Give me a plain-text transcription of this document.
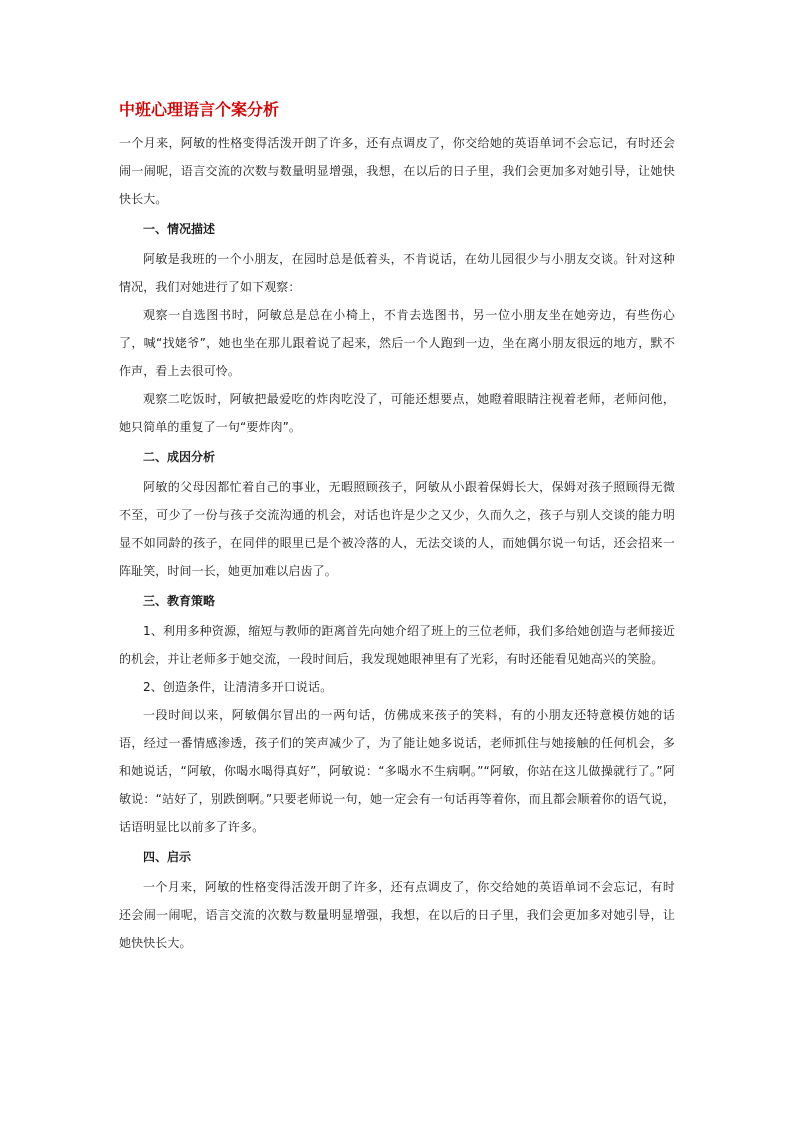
中班心理语言个案分析

一个月来，阿敏的性格变得活泼开朗了许多，还有点调皮了，你交给她的英语单词不会忘记，有时还会闹一闹呢，语言交流的次数与数量明显增强，我想，在以后的日子里，我们会更加多对她引导，让她快快长大。

一、情况描述

阿敏是我班的一个小朋友，在园时总是低着头，不肯说话，在幼儿园很少与小朋友交谈。针对这种情况，我们对她进行了如下观察：

观察一自选图书时，阿敏总是总在小椅上，不肯去选图书，另一位小朋友坐在她旁边，有些伤心了，喊“找姥爷”，她也坐在那儿跟着说了起来，然后一个人跑到一边，坐在离小朋友很远的地方，默不作声，看上去很可怜。

观察二吃饭时，阿敏把最爱吃的炸肉吃没了，可能还想要点，她瞪着眼睛注视着老师，老师问他，她只简单的重复了一句“要炸肉”。

二、成因分析

阿敏的父母因都忙着自己的事业，无暇照顾孩子，阿敏从小跟着保姆长大，保姆对孩子照顾得无微不至，可少了一份与孩子交流沟通的机会，对话也许是少之又少，久而久之，孩子与别人交谈的能力明显不如同龄的孩子，在同伴的眼里已是个被冷落的人，无法交谈的人，而她偶尔说一句话，还会招来一阵耻笑，时间一长，她更加难以启齿了。

三、教育策略

1、利用多种资源，缩短与教师的距离首先向她介绍了班上的三位老师，我们多给她创造与老师接近的机会，并让老师多于她交流，一段时间后，我发现她眼神里有了光彩，有时还能看见她高兴的笑脸。

2、创造条件，让清清多开口说话。

一段时间以来，阿敏偶尔冒出的一两句话，仿佛成来孩子的笑料，有的小朋友还特意模仿她的话语，经过一番情感渗透，孩子们的笑声减少了，为了能让她多说话，老师抓住与她接触的任何机会，多和她说话，“阿敏，你喝水喝得真好”，阿敏说：“多喝水不生病啊。”“阿敏，你站在这儿做操就行了。”阿敏说：“站好了，别跌倒啊。”只要老师说一句，她一定会有一句话再等着你，而且都会顺着你的语气说，话语明显比以前多了许多。

四、启示

一个月来，阿敏的性格变得活泼开朗了许多，还有点调皮了，你交给她的英语单词不会忘记，有时还会闹一闹呢，语言交流的次数与数量明显增强，我想，在以后的日子里，我们会更加多对她引导，让她快快长大。
